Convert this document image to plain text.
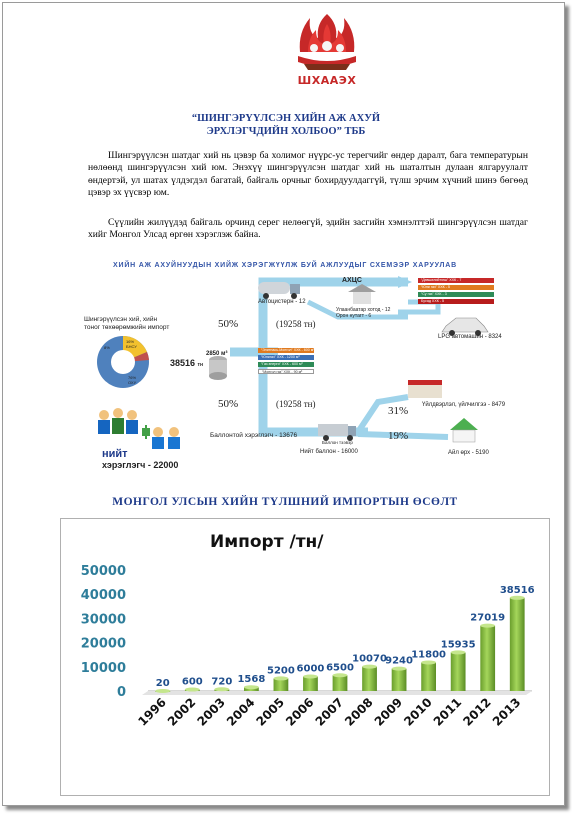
ШХААЭХ
“ШИНГЭРҮҮЛСЭН ХИЙН АЖ АХУЙ
ЭРХЛЭГЧДИЙН ХОЛБОО” ТББ

Шингэрүүлсэн шатдаг хий нь цэвэр ба холимог нүүрс-ус терегчийг өндер даралт, бага температурын нөлөөнд шингэрүүлсэн хий юм. Энэхүү шингэрүүлсэн шатдаг хий нь шаталтын дулаан ялгаруулалт өндертэй, ул шатах үлдэгдэл багатай, байгаль орчныг бохирдуулдаггүй, түлш эрчим хүчний шинэ бөгөөд цэвэр эх үүсвэр юм.

Сүүлийн жилүүдэд байгаль орчинд серег нелөөгүй, эдийн засгийн хэмнэлттэй шингэрүүлсэн шатдаг хийг Монгол Улсад өргөн хэрэглэж байна.

ХИЙН АЖ АХУЙНУУДЫН ХИЙЖ ХЭРЭГЖҮҮЛЖ БУЙ АЖЛУУДЫГ СХЕМЭЭР ХАРУУЛАВ
Шингэрүүлсэн хий, хийн
тоног төхөөрөмжийн импорт
LPG
16%
БНСУ
8%
76%
ОХУ
38516 тн
2850 м³
50%	(19258 тн)
50%	(19258 тн)
Автоцистерн - 12
АХЦС
Улаанбаатар хотод - 12
Орон нутагт - 6
LPG автомашин - 8324
“Дэвшилийтэгш” ХХК - 7
“Юни газ” ХХК - 5
“Су газ” ХХК - 3
Бусад ХХК - 5
“Элитнась-Монгол” ХХК - 600 м³
“Юнигаз” ХХК - 1200 м³
“Газ энерги” ХХК - 600 м³
“Монгол газ” ХХК - 90 м³
Баллонтой хэрэглэгч - 13676
Баллон тээвэр
Нийт баллон - 16000
31%
19%
Үйлдвэрлэл, үйлчилгээ - 8479
Айл өрх - 5190
нийт
хэрэглэгч - 22000
МОНГОЛ УЛСЫН ХИЙН ТҮЛШНИЙ ИМПОРТЫН ӨСӨЛТ
Импорт /тн/
0
10000
20000
30000
40000
50000
20
1996
600
2002
720
2003
1568
2004
5200
2005
6000
2006
6500
2007
10070
2008
9240
2009
11800
2010
15935
2011
27019
2012
38516
2013
